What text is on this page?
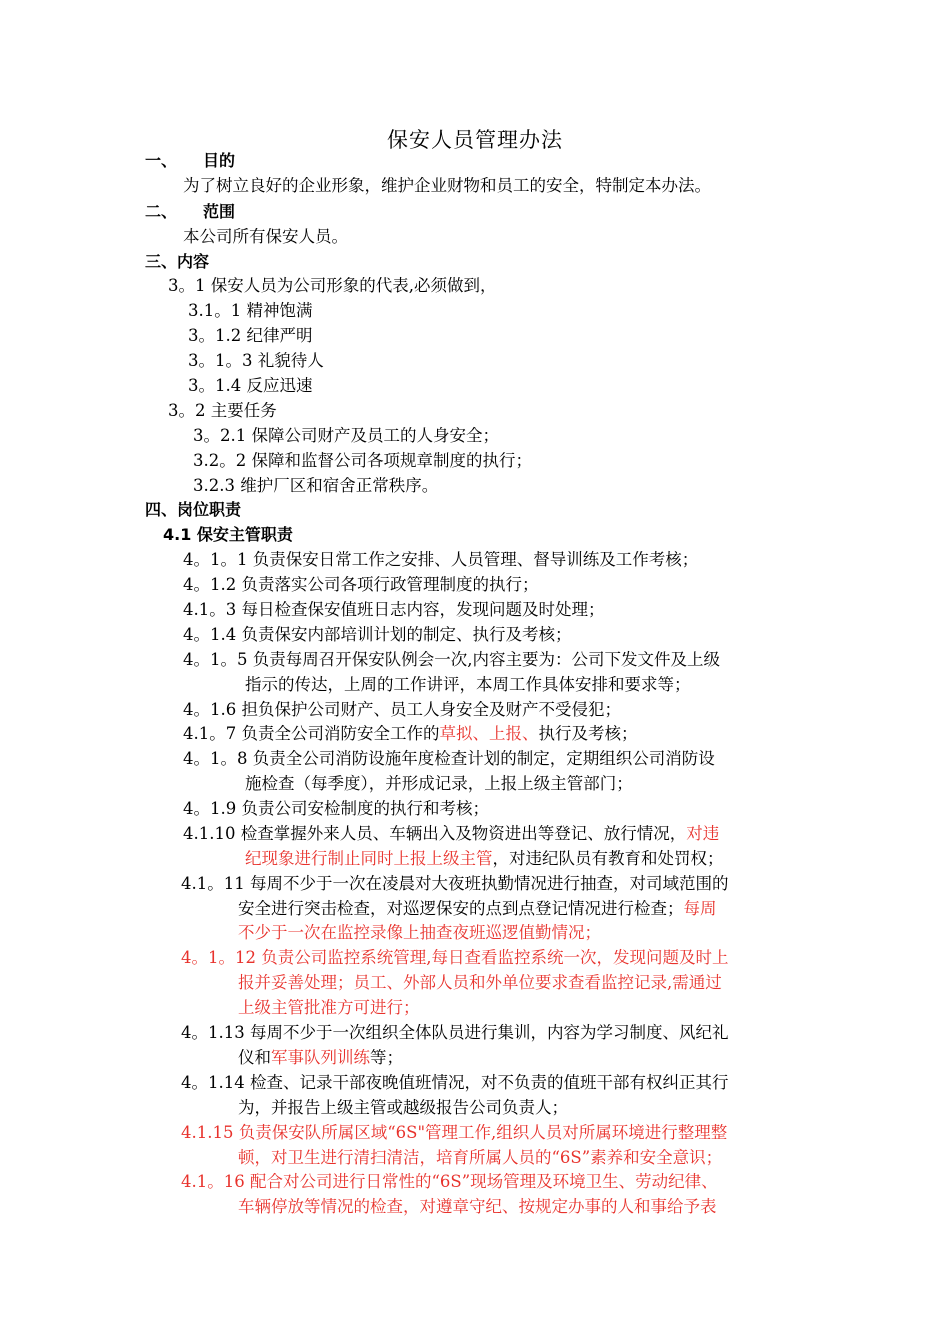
保安人员管理办法
一、 目的
为了树立良好的企业形象，维护企业财物和员工的安全，特制定本办法。
二、 范围
本公司所有保安人员。
三、内容
3。1 保安人员为公司形象的代表,必须做到，
3.1。1 精神饱满
3。1.2 纪律严明
3。1。3 礼貌待人
3。1.4 反应迅速
3。2 主要任务
3。2.1 保障公司财产及员工的人身安全；
3.2。2 保障和监督公司各项规章制度的执行；
3.2.3 维护厂区和宿舍正常秩序。
四、岗位职责
4.1 保安主管职责
4。1。1 负责保安日常工作之安排、人员管理、督导训练及工作考核；
4。1.2 负责落实公司各项行政管理制度的执行；
4.1。3 每日检查保安值班日志内容，发现问题及时处理；
4。1.4 负责保安内部培训计划的制定、执行及考核；
4。1。5 负责每周召开保安队例会一次,内容主要为：公司下发文件及上级
指示的传达，上周的工作讲评，本周工作具体安排和要求等；
4。1.6 担负保护公司财产、员工人身安全及财产不受侵犯；
4.1。7 负责全公司消防安全工作的草拟、上报、执行及考核；
4。1。8 负责全公司消防设施年度检查计划的制定，定期组织公司消防设
施检查（每季度），并形成记录，上报上级主管部门；
4。1.9 负责公司安检制度的执行和考核；
4.1.10 检查掌握外来人员、车辆出入及物资进出等登记、放行情况，对违
纪现象进行制止同时上报上级主管，对违纪队员有教育和处罚权；
4.1。11 每周不少于一次在凌晨对大夜班执勤情况进行抽查，对司域范围的
安全进行突击检查，对巡逻保安的点到点登记情况进行检查；每周
不少于一次在监控录像上抽查夜班巡逻值勤情况；
4。1。12 负责公司监控系统管理,每日查看监控系统一次，发现问题及时上
报并妥善处理；员工、外部人员和外单位要求查看监控记录,需通过
上级主管批准方可进行；
4。1.13 每周不少于一次组织全体队员进行集训，内容为学习制度、风纪礼
仪和军事队列训练等；
4。1.14 检查、记录干部夜晚值班情况，对不负责的值班干部有权纠正其行
为，并报告上级主管或越级报告公司负责人；
4.1.15 负责保安队所属区域“6S"管理工作,组织人员对所属环境进行整理整
顿，对卫生进行清扫清洁，培育所属人员的“6S”素养和安全意识；
4.1。16 配合对公司进行日常性的“6S”现场管理及环境卫生、劳动纪律、
车辆停放等情况的检查，对遵章守纪、按规定办事的人和事给予表
